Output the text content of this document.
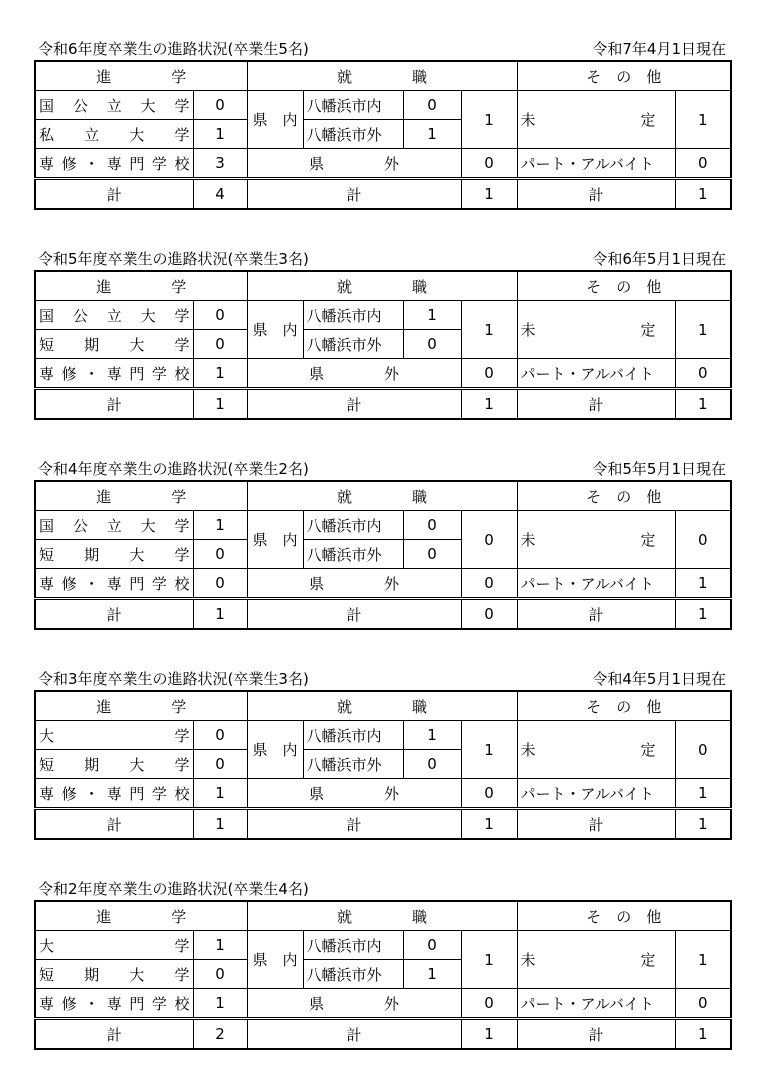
令和6年度卒業生の進路状況(卒業生5名)	令和7年4月1日現在
進　　　　学		就　　　　職				そ　の　他	
国公立大学	0	県　内	八幡浜市内	0	1	未　　　　　　　定	1
私立大学	1		八幡浜市外	1			
専修・専門学校	3	県　　　　外			0	パート・アルバイト	0
計	4	計			1	計	1
令和5年度卒業生の進路状況(卒業生3名)	令和6年5月1日現在
進　　　　学		就　　　　職				そ　の　他	
国公立大学	0	県　内	八幡浜市内	1	1	未　　　　　　　定	1
短期大学	0		八幡浜市外	0			
専修・専門学校	1	県　　　　外			0	パート・アルバイト	0
計	1	計			1	計	1
令和4年度卒業生の進路状況(卒業生2名)	令和5年5月1日現在
進　　　　学		就　　　　職				そ　の　他	
国公立大学	1	県　内	八幡浜市内	0	0	未　　　　　　　定	0
短期大学	0		八幡浜市外	0			
専修・専門学校	0	県　　　　外			0	パート・アルバイト	1
計	1	計			0	計	1
令和3年度卒業生の進路状況(卒業生3名)	令和4年5月1日現在
進　　　　学		就　　　　職				そ　の　他	
大学	0	県　内	八幡浜市内	1	1	未　　　　　　　定	0
短期大学	0		八幡浜市外	0			
専修・専門学校	1	県　　　　外			0	パート・アルバイト	1
計	1	計			1	計	1
令和2年度卒業生の進路状況(卒業生4名)
進　　　　学		就　　　　職				そ　の　他	
大学	1	県　内	八幡浜市内	0	1	未　　　　　　　定	1
短期大学	0		八幡浜市外	1			
専修・専門学校	1	県　　　　外			0	パート・アルバイト	0
計	2	計			1	計	1
